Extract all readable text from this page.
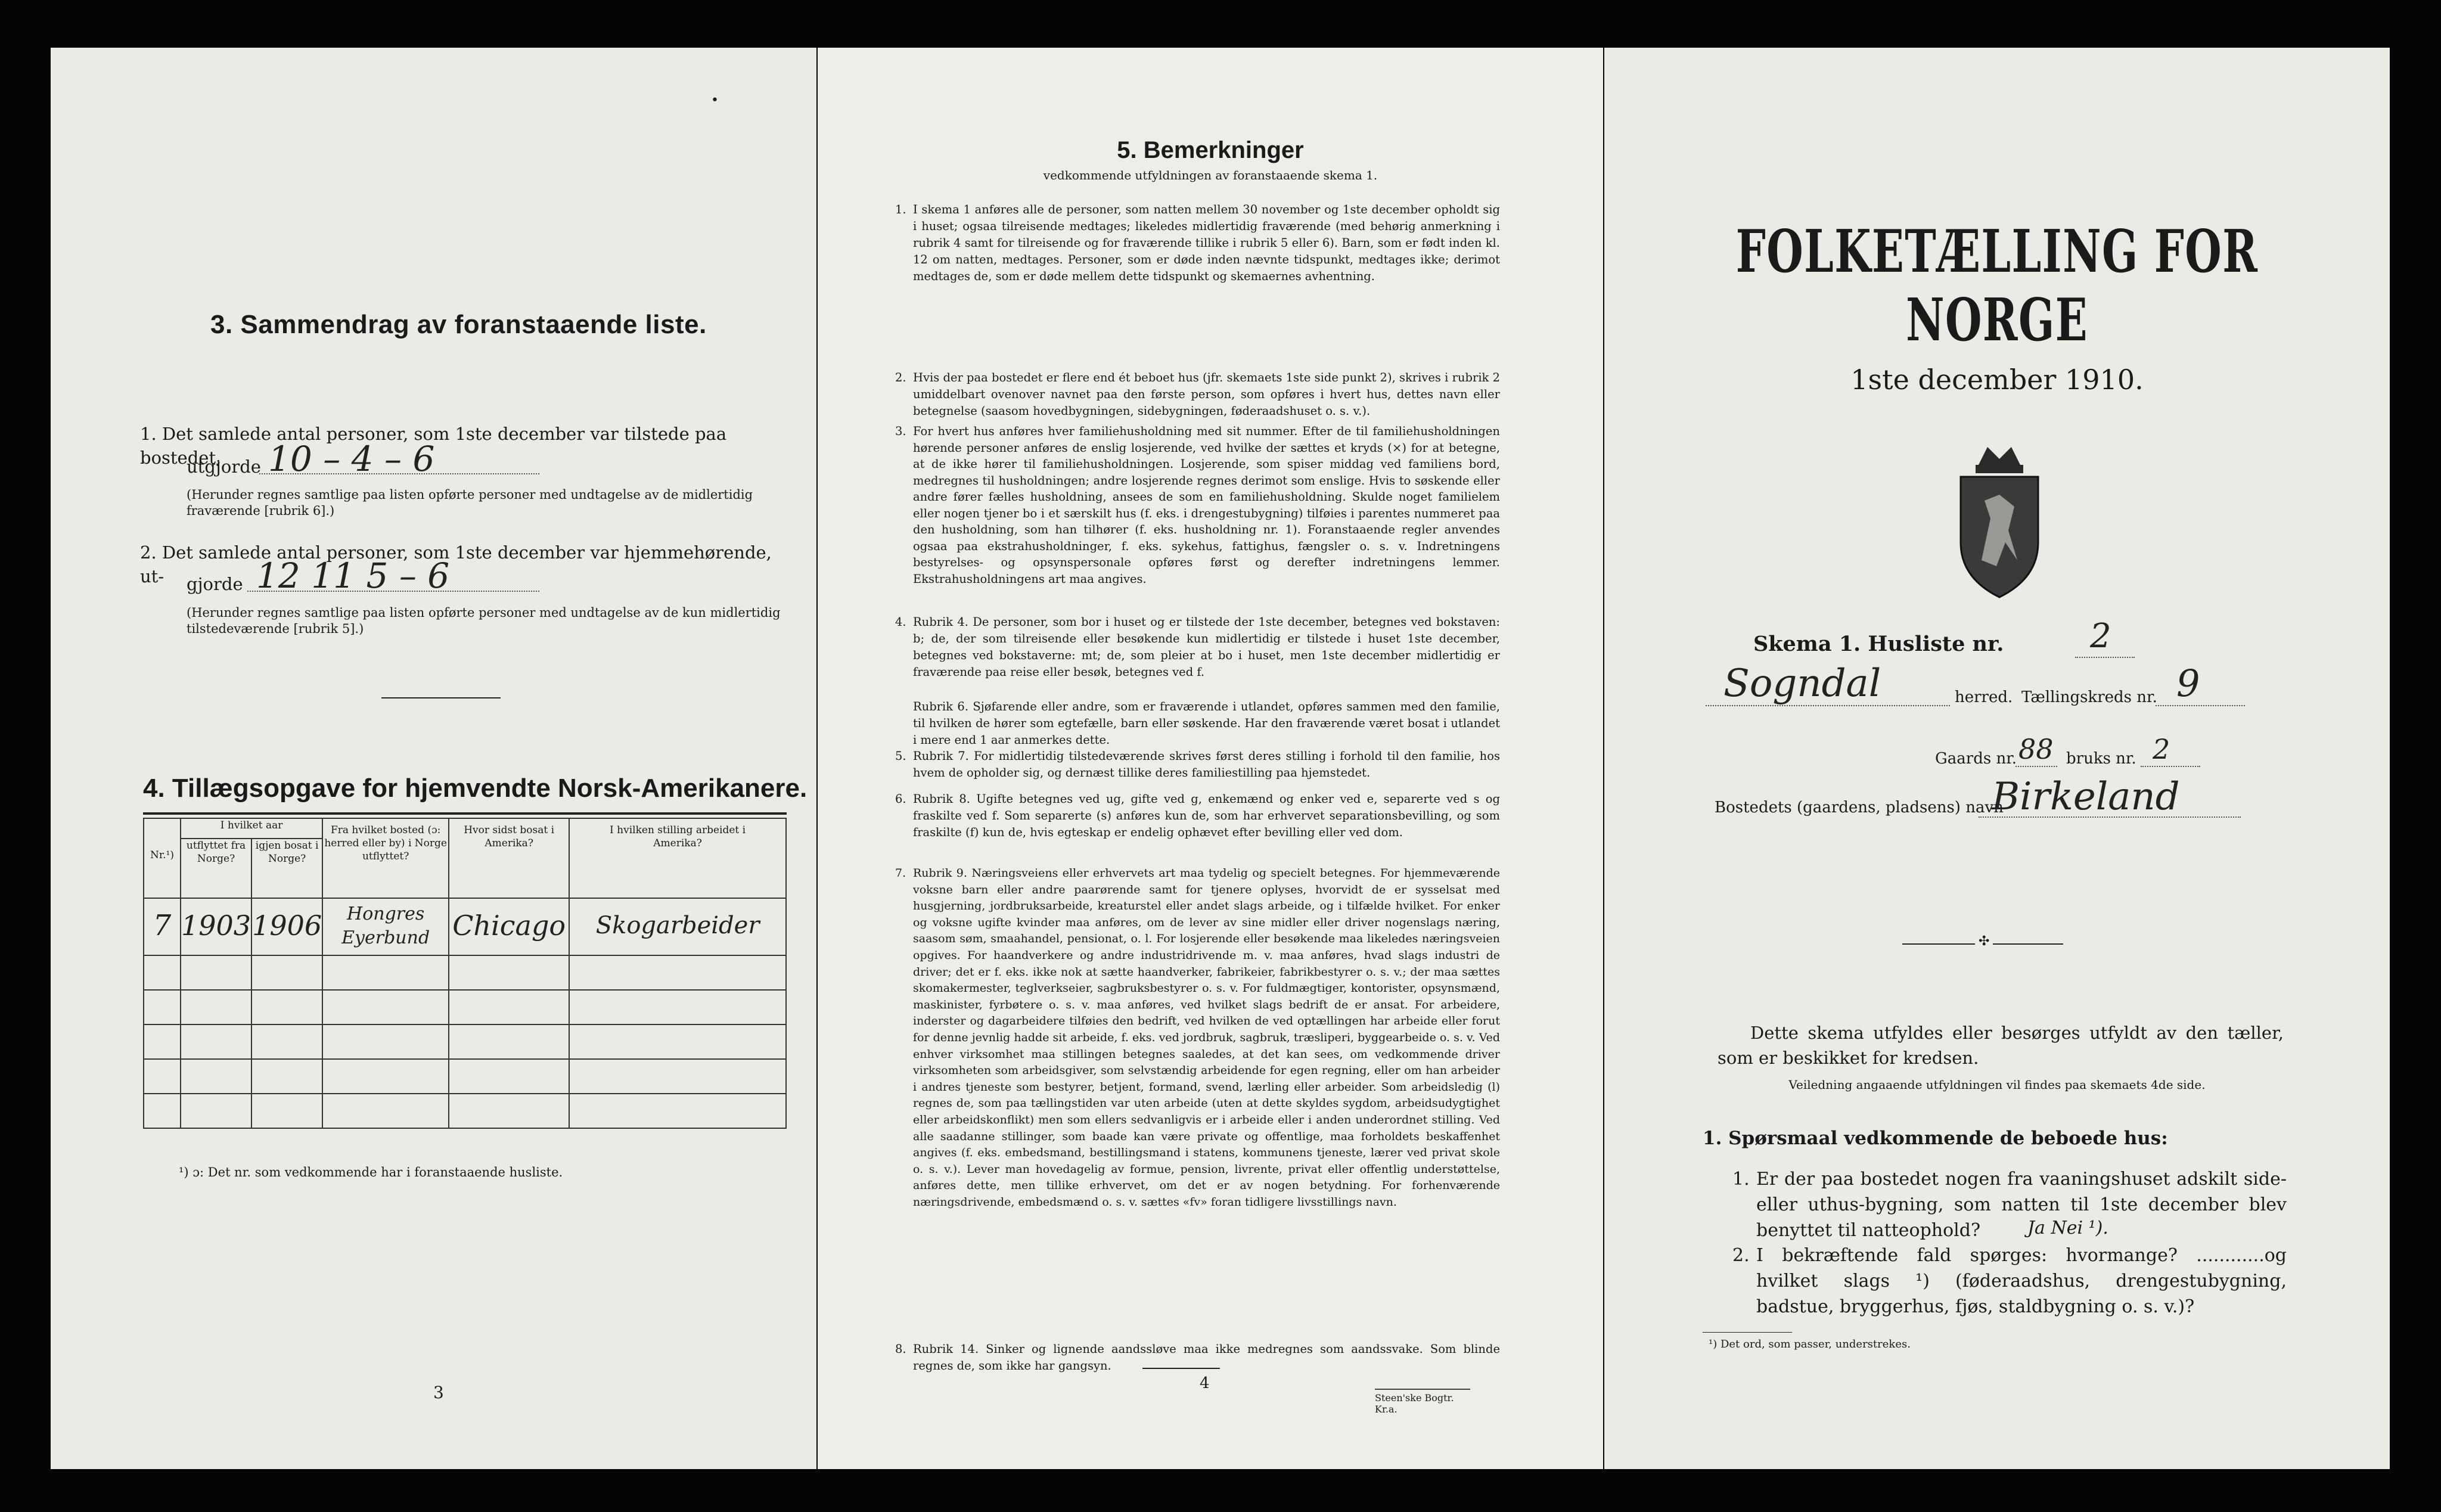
•
3. Sammendrag av foranstaaende liste.
1. Det samlede antal personer, som 1ste december var tilstede paa bostedet,
utgjorde 10 – 4 – 6
(Herunder regnes samtlige paa listen opførte personer med undtagelse av de midlertidig fraværende [rubrik 6].)
2. Det samlede antal personer, som 1ste december var hjemmehørende, ut-	gjorde 12 11 5 – 6
(Herunder regnes samtlige paa listen opførte personer med undtagelse av de kun midlertidig tilstedeværende [rubrik 5].)
4. Tillægsopgave for hjemvendte Norsk-Amerikanere.
Nr.¹)	I hvilket aar		Fra hvilket bosted (ɔ: herred eller by) i Norge utflyttet?	Hvor sidst bosat i Amerika?	I hvilken stilling arbeidet i Amerika?
	utflyttet fra Norge?	igjen bosat i Norge?			
7	1903	1906	Hongres Eyerbund	Chicago	Skogarbeider

¹) ɔ: Det nr. som vedkommende har i foranstaaende husliste.
3
5. Bemerkninger
vedkommende utfyldningen av foranstaaende skema 1.
1. I skema 1 anføres alle de personer, som natten mellem 30 november og 1ste december opholdt sig i huset; ogsaa tilreisende medtages; likeledes midlertidig fraværende (med behørig anmerkning i rubrik 4 samt for tilreisende og for fraværende tillike i rubrik 5 eller 6). Barn, som er født inden kl. 12 om natten, medtages. Personer, som er døde inden nævnte tidspunkt, medtages ikke; derimot medtages de, som er døde mellem dette tidspunkt og skemaernes avhentning.
2. Hvis der paa bostedet er flere end ét beboet hus (jfr. skemaets 1ste side punkt 2), skrives i rubrik 2 umiddelbart ovenover navnet paa den første person, som opføres i hvert hus, dettes navn eller betegnelse (saasom hovedbygningen, sidebygningen, føderaadshuset o. s. v.).
3. For hvert hus anføres hver familiehusholdning med sit nummer. Efter de til familiehusholdningen hørende personer anføres de enslig losjerende, ved hvilke der sættes et kryds (×) for at betegne, at de ikke hører til familiehusholdningen. Losjerende, som spiser middag ved familiens bord, medregnes til husholdningen; andre losjerende regnes derimot som enslige. Hvis to søskende eller andre fører fælles husholdning, ansees de som en familiehusholdning. Skulde noget familielem eller nogen tjener bo i et særskilt hus (f. eks. i drengestubygning) tilføies i parentes nummeret paa den husholdning, som han tilhører (f. eks. husholdning nr. 1). Foranstaaende regler anvendes ogsaa paa ekstrahusholdninger, f. eks. sykehus, fattighus, fængsler o. s. v. Indretningens bestyrelses- og opsynspersonale opføres først og derefter indretningens lemmer. Ekstrahusholdningens art maa angives.
4. Rubrik 4. De personer, som bor i huset og er tilstede der 1ste december, betegnes ved bokstaven: b; de, der som tilreisende eller besøkende kun midlertidig er tilstede i huset 1ste december, betegnes ved bokstaverne: mt; de, som pleier at bo i huset, men 1ste december midlertidig er fraværende paa reise eller besøk, betegnes ved f.
Rubrik 6. Sjøfarende eller andre, som er fraværende i utlandet, opføres sammen med den familie, til hvilken de hører som egtefælle, barn eller søskende. Har den fraværende været bosat i utlandet i mere end 1 aar anmerkes dette.
5. Rubrik 7. For midlertidig tilstedeværende skrives først deres stilling i forhold til den familie, hos hvem de opholder sig, og dernæst tillike deres familiestilling paa hjemstedet.
6. Rubrik 8. Ugifte betegnes ved ug, gifte ved g, enkemænd og enker ved e, separerte ved s og fraskilte ved f. Som separerte (s) anføres kun de, som har erhvervet separationsbevilling, og som fraskilte (f) kun de, hvis egteskap er endelig ophævet efter bevilling eller ved dom.
7. Rubrik 9. Næringsveiens eller erhvervets art maa tydelig og specielt betegnes. For hjemmeværende voksne barn eller andre paarørende samt for tjenere oplyses, hvorvidt de er sysselsat med husgjerning, jordbruksarbeide, kreaturstel eller andet slags arbeide, og i tilfælde hvilket. For enker og voksne ugifte kvinder maa anføres, om de lever av sine midler eller driver nogenslags næring, saasom søm, smaahandel, pensionat, o. l. For losjerende eller besøkende maa likeledes næringsveien opgives. For haandverkere og andre industridrivende m. v. maa anføres, hvad slags industri de driver; det er f. eks. ikke nok at sætte haandverker, fabrikeier, fabrikbestyrer o. s. v.; der maa sættes skomakermester, teglverkseier, sagbruksbestyrer o. s. v. For fuldmægtiger, kontorister, opsynsmænd, maskinister, fyrbøtere o. s. v. maa anføres, ved hvilket slags bedrift de er ansat. For arbeidere, inderster og dagarbeidere tilføies den bedrift, ved hvilken de ved optællingen har arbeide eller forut for denne jevnlig hadde sit arbeide, f. eks. ved jordbruk, sagbruk, træsliperi, byggearbeide o. s. v. Ved enhver virksomhet maa stillingen betegnes saaledes, at det kan sees, om vedkommende driver virksomheten som arbeidsgiver, som selvstændig arbeidende for egen regning, eller om han arbeider i andres tjeneste som bestyrer, betjent, formand, svend, lærling eller arbeider. Som arbeidsledig (l) regnes de, som paa tællingstiden var uten arbeide (uten at dette skyldes sygdom, arbeidsudygtighet eller arbeidskonflikt) men som ellers sedvanligvis er i arbeide eller i anden underordnet stilling. Ved alle saadanne stillinger, som baade kan være private og offentlige, maa forholdets beskaffenhet angives (f. eks. embedsmand, bestillingsmand i statens, kommunens tjeneste, lærer ved privat skole o. s. v.). Lever man hovedagelig av formue, pension, livrente, privat eller offentlig understøttelse, anføres dette, men tillike erhvervet, om det er av nogen betydning. For forhenværende næringsdrivende, embedsmænd o. s. v. sættes «fv» foran tidligere livsstillings navn.
8. Rubrik 14. Sinker og lignende aandssløve maa ikke medregnes som aandssvake. Som blinde regnes de, som ikke har gangsyn.
4
Steen'ske Bogtr. Kr.a.
FOLKETÆLLING FOR NORGE
1ste december 1910.
Skema 1. Husliste nr.	2
Sogndal	herred. Tællingskreds nr. 9
Gaards nr. 88 bruks nr. 2
Bostedets (gaardens, pladsens) navn
Birkeland
✣
Dette skema utfyldes eller besørges utfyldt av den tæller, som er beskikket for kredsen.
Veiledning angaaende utfyldningen vil findes paa skemaets 4de side.
1. Spørsmaal vedkommende de beboede hus:
1. Er der paa bostedet nogen fra vaaningshuset adskilt side- eller uthus-bygning, som natten til 1ste december blev benyttet til natteophold?	Ja Nei ¹).
2. I bekræftende fald spørges: hvormange? ............og hvilket slags ¹) (føderaadshus, drengestubygning, badstue, bryggerhus, fjøs, staldbygning o. s. v.)?
¹) Det ord, som passer, understrekes.
